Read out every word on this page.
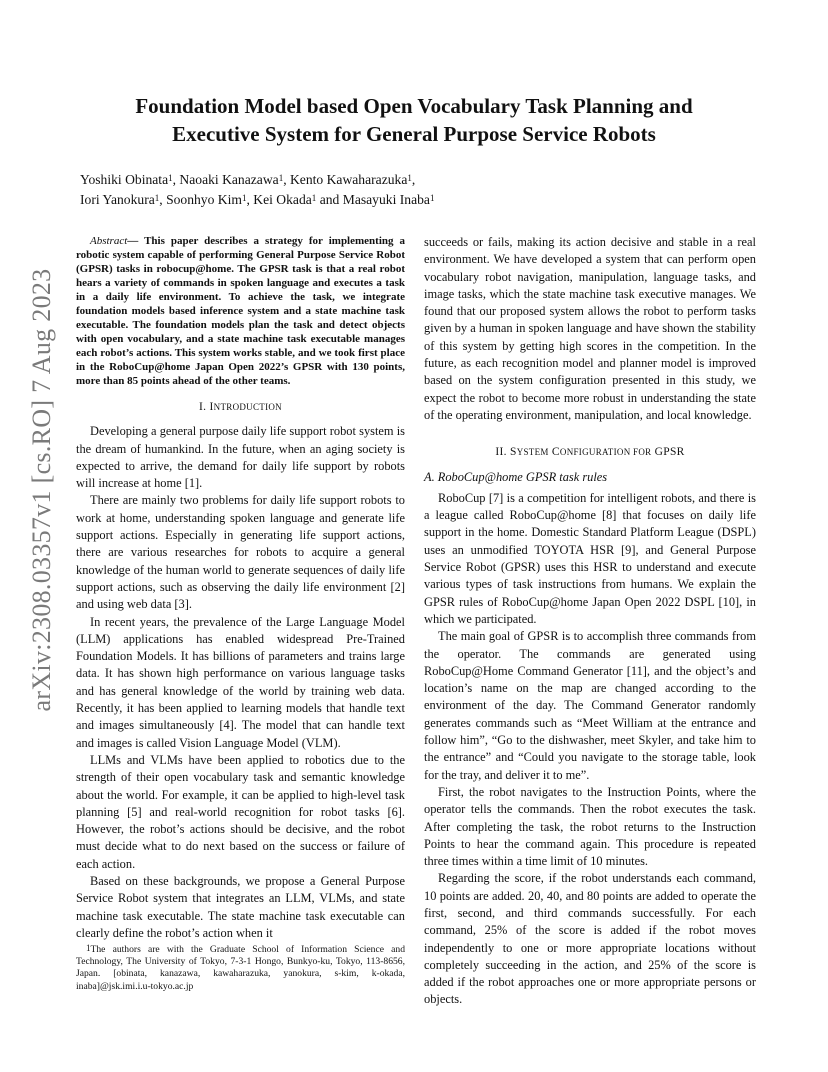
arXiv:2308.03357v1 [cs.RO] 7 Aug 2023
Foundation Model based Open Vocabulary Task Planning and
Executive System for General Purpose Service Robots

Yoshiki Obinata$^1$, Naoaki Kanazawa$^1$, Kento Kawaharazuka$^1$,

Iori Yanokura$^1$, Soonhyo Kim$^1$, Kei Okada$^1$ and Masayuki Inaba$^1$

Abstract— This paper describes a strategy for implementing a robotic system capable of performing General Purpose Service Robot (GPSR) tasks in robocup@home. The GPSR task is that a real robot hears a variety of commands in spoken language and executes a task in a daily life environment. To achieve the task, we integrate foundation models based inference system and a state machine task executable. The foundation models plan the task and detect objects with open vocabulary, and a state machine task executable manages each robot’s actions. This system works stable, and we took first place in the RoboCup@home Japan Open 2022’s GPSR with 130 points, more than 85 points ahead of the other teams.

I. INTRODUCTION

Developing a general purpose daily life support robot system is the dream of humankind. In the future, when an aging society is expected to arrive, the demand for daily life support by robots will increase at home [1].

There are mainly two problems for daily life support robots to work at home, understanding spoken language and generate life support actions. Especially in generating life support actions, there are various researches for robots to acquire a general knowledge of the human world to generate sequences of daily life support actions, such as observing the daily life environment [2] and using web data [3].

In recent years, the prevalence of the Large Language Model (LLM) applications has enabled widespread Pre-Trained Foundation Models. It has billions of parameters and trains large data. It has shown high performance on various language tasks and has general knowledge of the world by training web data. Recently, it has been applied to learning models that handle text and images simultaneously [4]. The model that can handle text and images is called Vision Language Model (VLM).

LLMs and VLMs have been applied to robotics due to the strength of their open vocabulary task and semantic knowledge about the world. For example, it can be applied to high-level task planning [5] and real-world recognition for robot tasks [6]. However, the robot’s actions should be decisive, and the robot must decide what to do next based on the success or failure of each action.

Based on these backgrounds, we propose a General Purpose Service Robot system that integrates an LLM, VLMs, and state machine task executable. The state machine task executable can clearly define the robot’s action when it

$^1$The authors are with the Graduate School of Information Science and Technology, The University of Tokyo, 7-3-1 Hongo, Bunkyo-ku, Tokyo, 113-8656, Japan. [obinata, kanazawa, kawaharazuka, yanokura, s-kim, k-okada, inaba]@jsk.imi.i.u-tokyo.ac.jp

succeeds or fails, making its action decisive and stable in a real environment. We have developed a system that can perform open vocabulary robot navigation, manipulation, language tasks, and image tasks, which the state machine task executive manages. We found that our proposed system allows the robot to perform tasks given by a human in spoken language and have shown the stability of this system by getting high scores in the competition. In the future, as each recognition model and planner model is improved based on the system configuration presented in this study, we expect the robot to become more robust in understanding the state of the operating environment, manipulation, and local knowledge.

II. SYSTEM CONFIGURATION FOR GPSR
A. RoboCup@home GPSR task rules

RoboCup [7] is a competition for intelligent robots, and there is a league called RoboCup@home [8] that focuses on daily life support in the home. Domestic Standard Platform League (DSPL) uses an unmodified TOYOTA HSR [9], and General Purpose Service Robot (GPSR) uses this HSR to understand and execute various types of task instructions from humans. We explain the GPSR rules of RoboCup@home Japan Open 2022 DSPL [10], in which we participated.

The main goal of GPSR is to accomplish three commands from the operator. The commands are generated using RoboCup@Home Command Generator [11], and the object’s and location’s name on the map are changed according to the environment of the day. The Command Generator randomly generates commands such as “Meet William at the entrance and follow him”, “Go to the dishwasher, meet Skyler, and take him to the entrance” and “Could you navigate to the storage table, look for the tray, and deliver it to me”.

First, the robot navigates to the Instruction Points, where the operator tells the commands. Then the robot executes the task. After completing the task, the robot returns to the Instruction Points to hear the command again. This procedure is repeated three times within a time limit of 10 minutes.

Regarding the score, if the robot understands each command, 10 points are added. 20, 40, and 80 points are added to operate the first, second, and third commands successfully. For each command, 25% of the score is added if the robot moves independently to one or more appropriate locations without completely succeeding in the action, and 25% of the score is added if the robot approaches one or more appropriate persons or objects.
